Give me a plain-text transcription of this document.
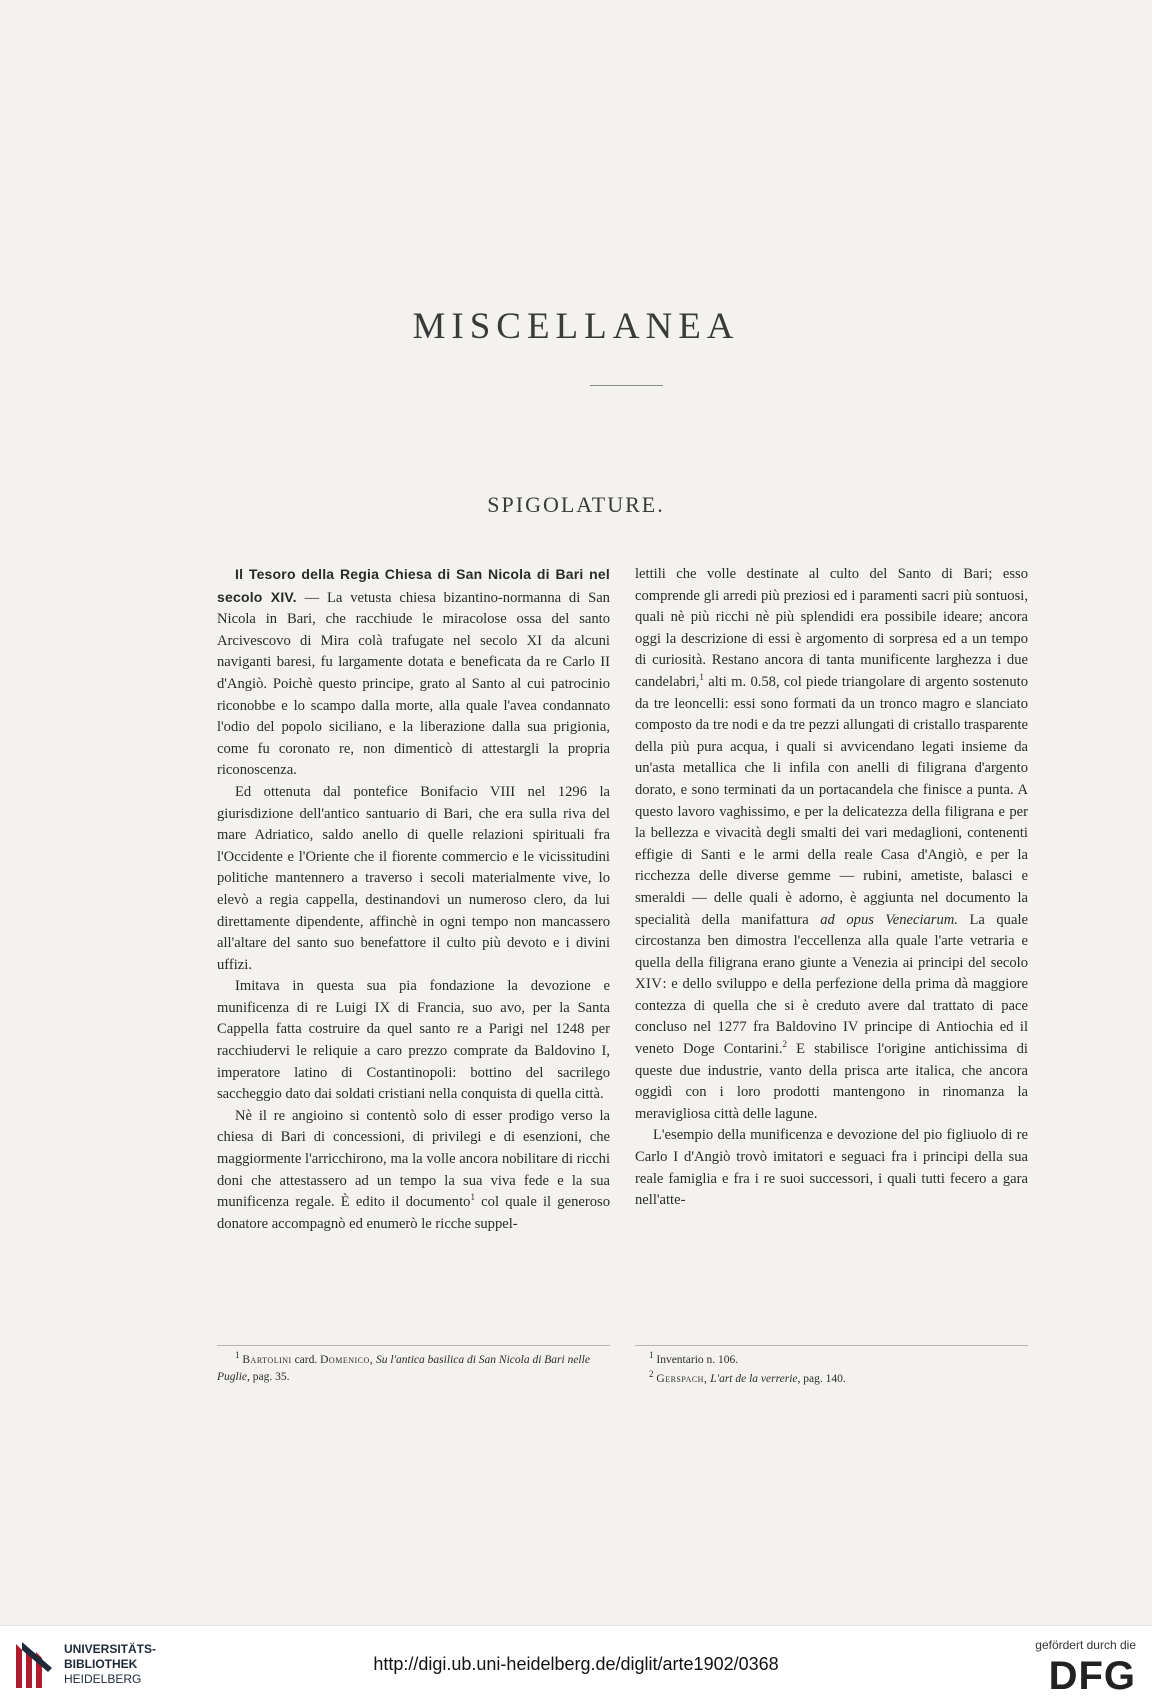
MISCELLANEA
SPIGOLATURE.

Il Tesoro della Regia Chiesa di San Nicola di Bari nel secolo XIV. — La vetusta chiesa bizantino-normanna di San Nicola in Bari, che racchiude le miracolose ossa del santo Arcivescovo di Mira colà trafugate nel secolo XI da alcuni naviganti baresi, fu largamente dotata e beneficata da re Carlo II d'Angiò. Poichè questo principe, grato al Santo al cui patrocinio riconobbe e lo scampo dalla morte, alla quale l'avea condannato l'odio del popolo siciliano, e la liberazione dalla sua prigionia, come fu coronato re, non dimenticò di attestargli la propria riconoscenza.

Ed ottenuta dal pontefice Bonifacio VIII nel 1296 la giurisdizione dell'antico santuario di Bari, che era sulla riva del mare Adriatico, saldo anello di quelle relazioni spirituali fra l'Occidente e l'Oriente che il fiorente commercio e le vicissitudini politiche mantennero a traverso i secoli materialmente vive, lo elevò a regia cappella, destinandovi un numeroso clero, da lui direttamente dipendente, affinchè in ogni tempo non mancassero all'altare del santo suo benefattore il culto più devoto e i divini uffizi.

Imitava in questa sua pia fondazione la devozione e munificenza di re Luigi IX di Francia, suo avo, per la Santa Cappella fatta costruire da quel santo re a Parigi nel 1248 per racchiudervi le reliquie a caro prezzo comprate da Baldovino I, imperatore latino di Costantinopoli: bottino del sacrilego saccheggio dato dai soldati cristiani nella conquista di quella città.

Nè il re angioino si contentò solo di esser prodigo verso la chiesa di Bari di concessioni, di privilegi e di esenzioni, che maggiormente l'arricchirono, ma la volle ancora nobilitare di ricchi doni che attestassero ad un tempo la sua viva fede e la sua munificenza regale. È edito il documento$^1$ col quale il generoso donatore accompagnò ed enumerò le ricche suppel-

lettili che volle destinate al culto del Santo di Bari; esso comprende gli arredi più preziosi ed i paramenti sacri più sontuosi, quali nè più ricchi nè più splendidi era possibile ideare; ancora oggi la descrizione di essi è argomento di sorpresa ed a un tempo di curiosità. Restano ancora di tanta munificente larghezza i due candelabri,$^1$ alti m. 0.58, col piede triangolare di argento sostenuto da tre leoncelli: essi sono formati da un tronco magro e slanciato composto da tre nodi e da tre pezzi allungati di cristallo trasparente della più pura acqua, i quali si avvicendano legati insieme da un'asta metallica che li infila con anelli di filigrana d'argento dorato, e sono terminati da un portacandela che finisce a punta. A questo lavoro vaghissimo, e per la delicatezza della filigrana e per la bellezza e vivacità degli smalti dei vari medaglioni, contenenti effigie di Santi e le armi della reale Casa d'Angiò, e per la ricchezza delle diverse gemme — rubini, ametiste, balasci e smeraldi — delle quali è adorno, è aggiunta nel documento la specialità della manifattura ad opus Veneciarum. La quale circostanza ben dimostra l'eccellenza alla quale l'arte vetraria e quella della filigrana erano giunte a Venezia ai principi del secolo XIV: e dello sviluppo e della perfezione della prima dà maggiore contezza di quella che si è creduto avere dal trattato di pace concluso nel 1277 fra Baldovino IV principe di Antiochia ed il veneto Doge Contarini.$^2$ E stabilisce l'origine antichissima di queste due industrie, vanto della prisca arte italica, che ancora oggidì con i loro prodotti mantengono in rinomanza la meravigliosa città delle lagune.

L'esempio della munificenza e devozione del pio figliuolo di re Carlo I d'Angiò trovò imitatori e seguaci fra i principi della sua reale famiglia e fra i re suoi successori, i quali tutti fecero a gara nell'atte-

$^1$ Bartolini card. Domenico, Su l'antica basilica di San Nicola di Bari nelle Puglie, pag. 35.
$^1$ Inventario n. 106.
$^2$ Gerspach, L'art de la verrerie, pag. 140.
UNIVERSITÄTS-
BIBLIOTHEK
HEIDELBERG
http://digi.ub.uni-heidelberg.de/diglit/arte1902/0368
gefördert durch die
DFG
